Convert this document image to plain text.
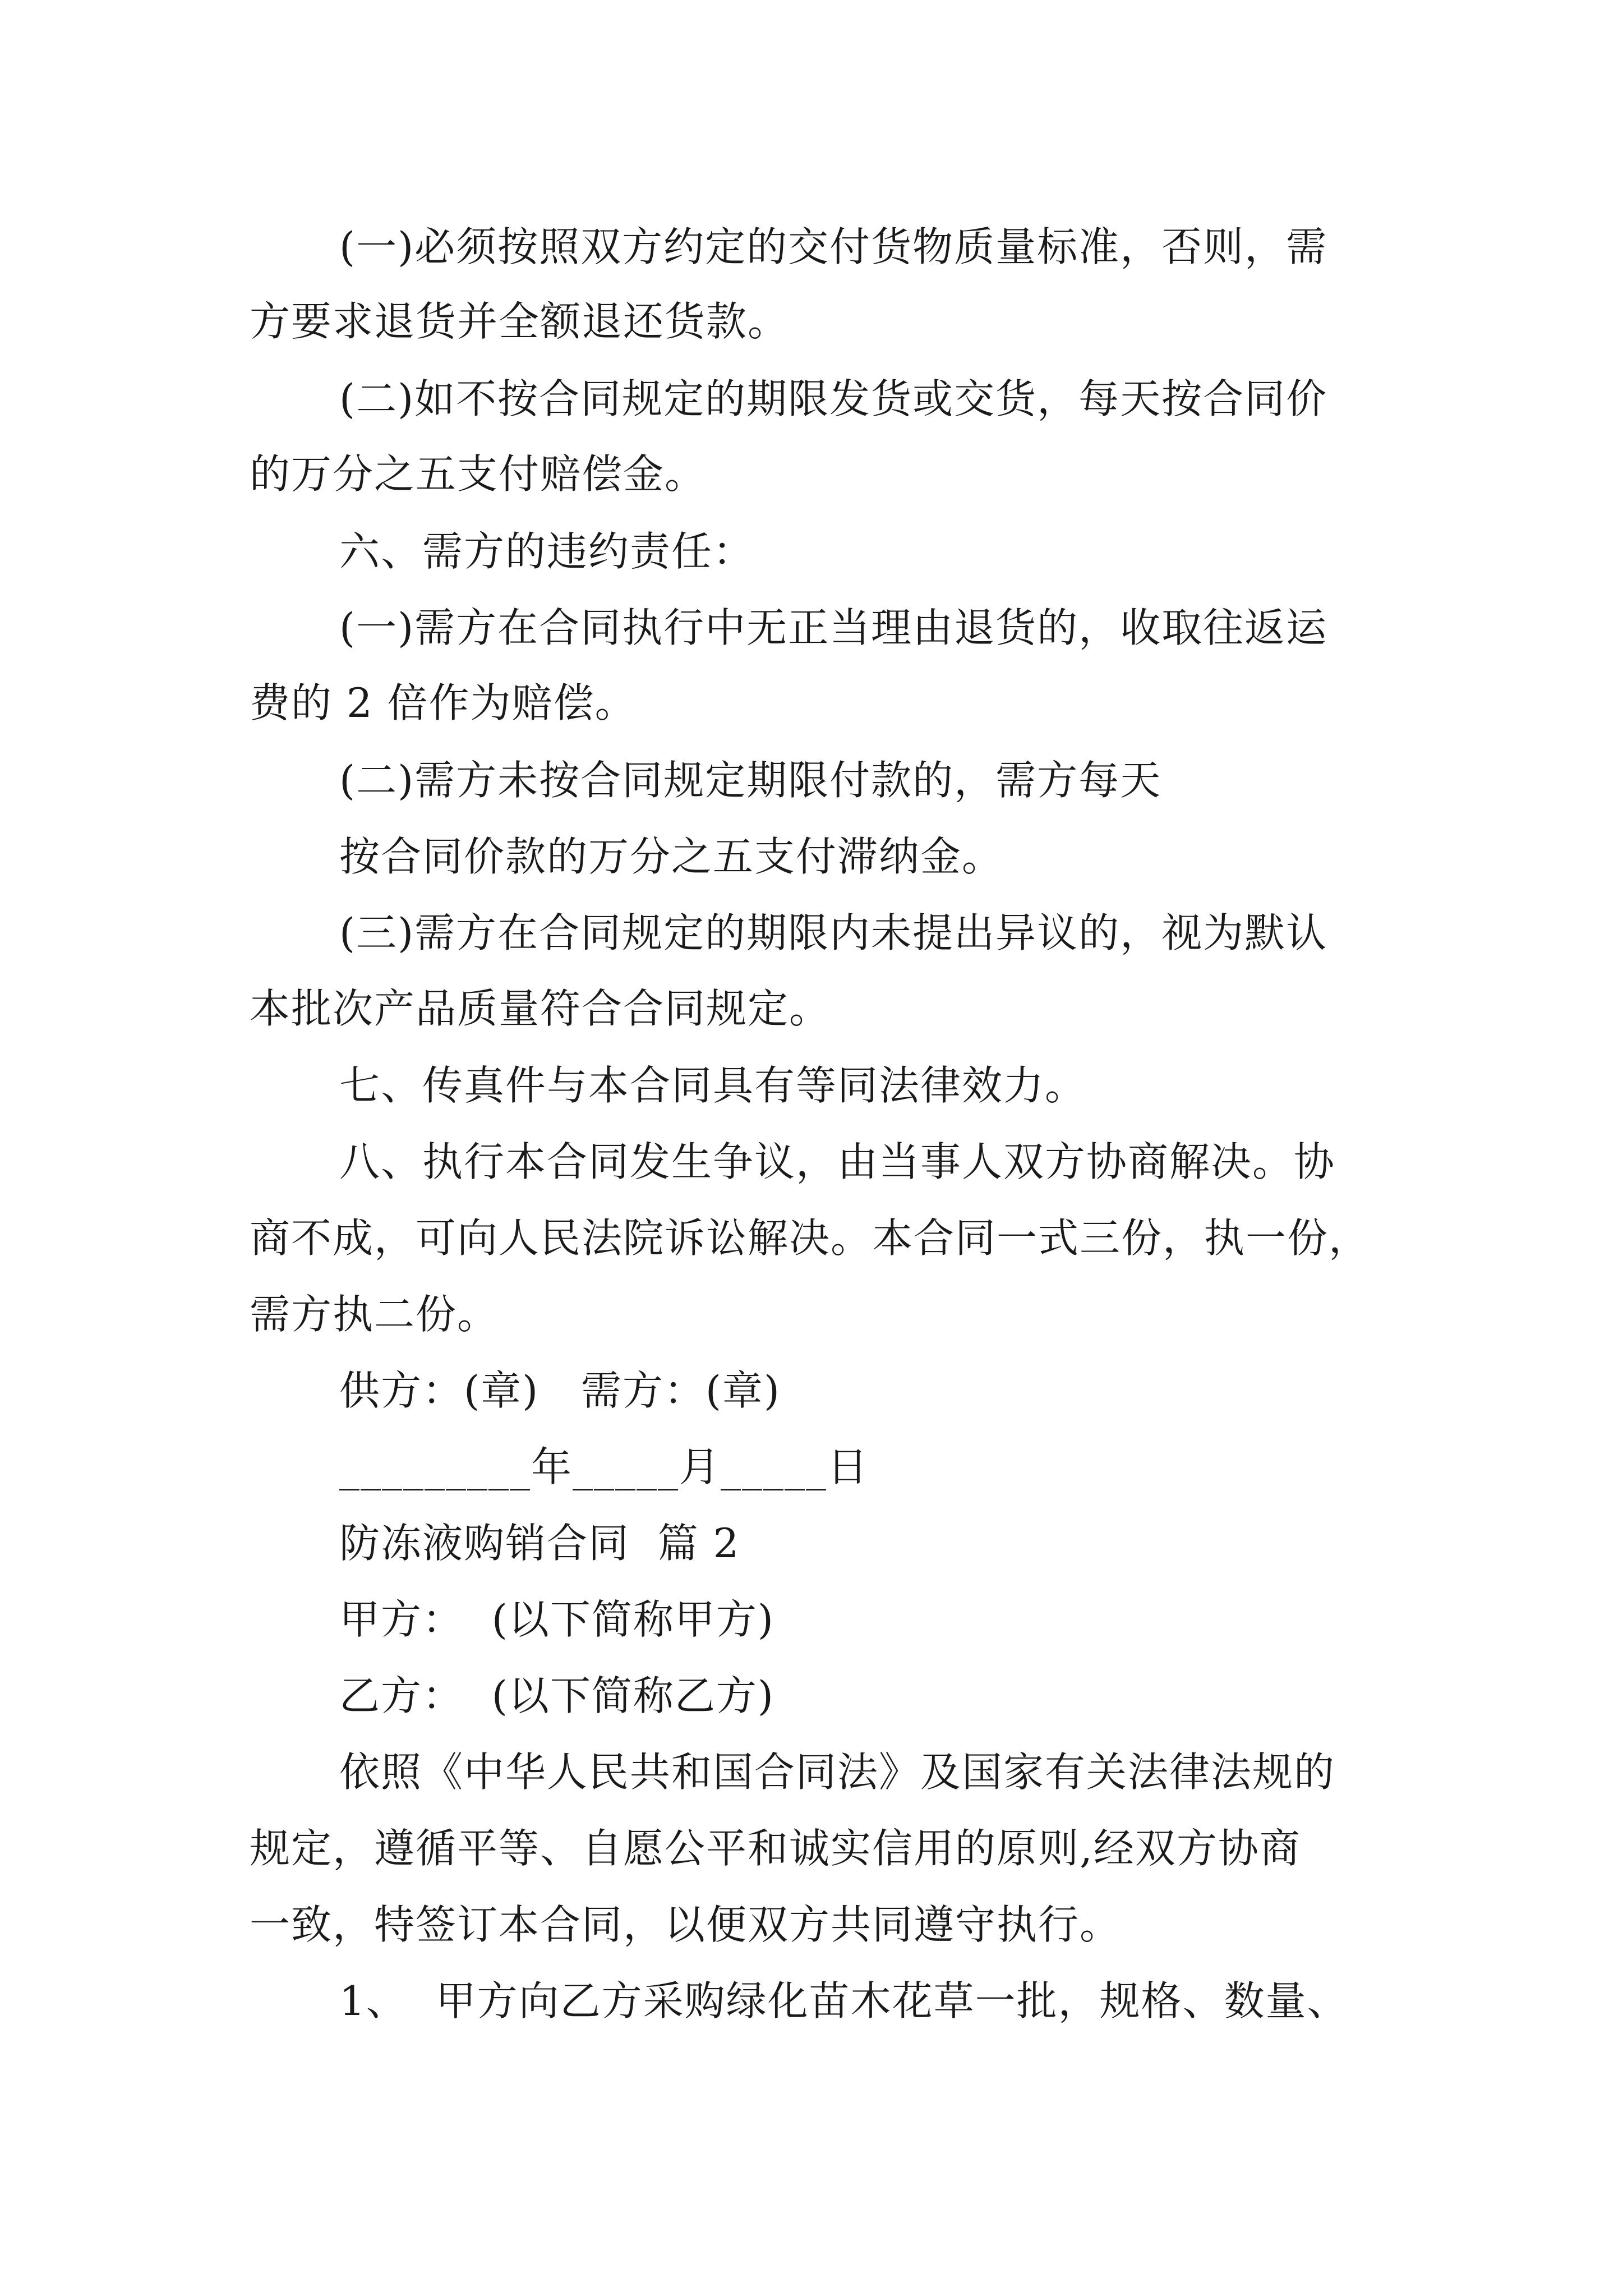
(一)必须按照双方约定的交付货物质量标准，否则，需
方要求退货并全额退还货款。
(二)如不按合同规定的期限发货或交货，每天按合同价
的万分之五支付赔偿金。
六、需方的违约责任：
(一)需方在合同执行中无正当理由退货的，收取往返运
费的 2 倍作为赔偿。
(二)需方未按合同规定期限付款的，需方每天
按合同价款的万分之五支付滞纳金。
(三)需方在合同规定的期限内未提出异议的，视为默认
本批次产品质量符合合同规定。
七、传真件与本合同具有等同法律效力。
八、执行本合同发生争议，由当事人双方协商解决。协
商不成，可向人民法院诉讼解决。本合同一式三份，执一份，
需方执二份。
供方：(章)   需方：(章)
_________年_____月_____日
防冻液购销合同  篇 2
甲方：  (以下简称甲方)
乙方：  (以下简称乙方)
依照《中华人民共和国合同法》及国家有关法律法规的
规定，遵循平等、自愿公平和诚实信用的原则,经双方协商
一致，特签订本合同，以便双方共同遵守执行。
1、  甲方向乙方采购绿化苗木花草一批，规格、数量、
